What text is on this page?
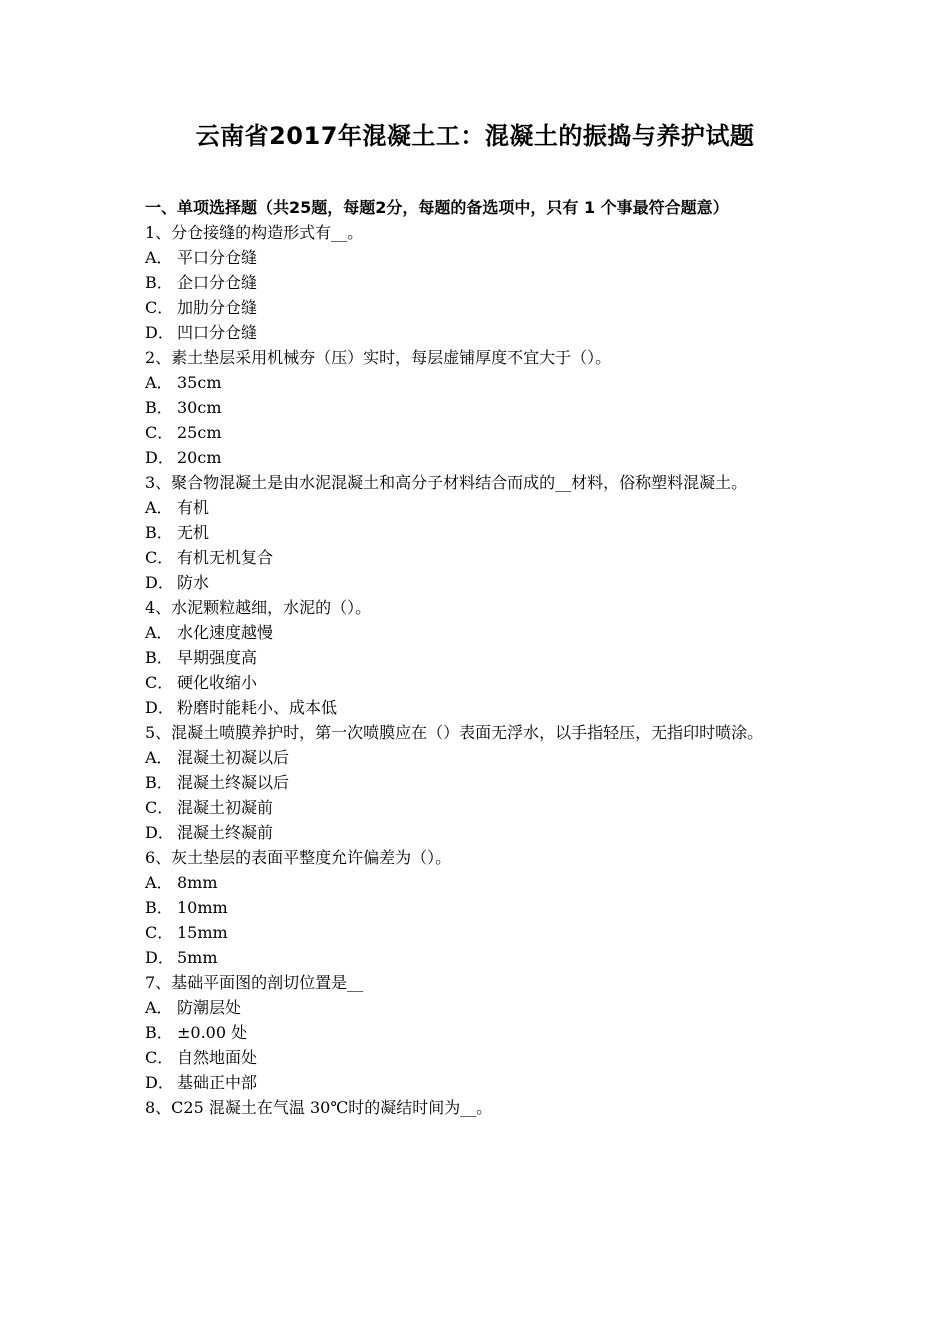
云南省2017年混凝土工：混凝土的振捣与养护试题

一、单项选择题（共25题，每题2分，每题的备选项中，只有 1 个事最符合题意）

1、分仓接缝的构造形式有__。

A． 平口分仓缝
B． 企口分仓缝
C． 加肋分仓缝
D． 凹口分仓缝

2、素土垫层采用机械夯（压）实时，每层虚铺厚度不宜大于（）。

A． 35cm
B． 30cm
C． 25cm
D． 20cm

3、聚合物混凝土是由水泥混凝土和高分子材料结合而成的__材料，俗称塑料混凝土。

A． 有机
B． 无机
C． 有机无机复合
D． 防水

4、水泥颗粒越细，水泥的（）。

A． 水化速度越慢
B． 早期强度高
C． 硬化收缩小
D． 粉磨时能耗小、成本低

5、混凝土喷膜养护时，第一次喷膜应在（）表面无浮水，以手指轻压，无指印时喷涂。

A． 混凝土初凝以后
B． 混凝土终凝以后
C． 混凝土初凝前
D． 混凝土终凝前

6、灰土垫层的表面平整度允许偏差为（）。

A． 8mm
B． 10mm
C． 15mm
D． 5mm

7、基础平面图的剖切位置是__

A． 防潮层处
B． ±0.00 处
C． 自然地面处
D． 基础正中部

8、C25 混凝土在气温 30℃时的凝结时间为__。
